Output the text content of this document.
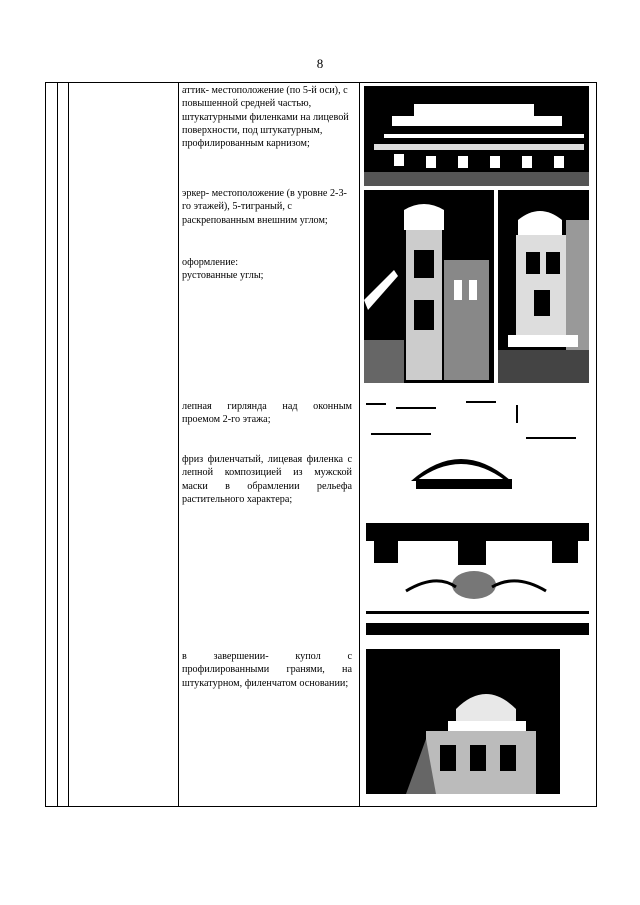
8

аттик- местоположение (по 5-й оси), с повышенной средней частью, штукатурными филенками на лицевой поверхности, под штукатурным, профилированным карнизом;

эркер- местоположение (в уровне 2-3-го этажей), 5-тиграный, с раскрепованным внешним углом;

оформление:

рустованные углы;

лепная гирлянда над оконным проемом 2-го этажа;

фриз филенчатый, лицевая филенка с лепной композицией из мужской маски в обрамлении рельефа растительного характера;

в завершении- купол с профилированными гранями, на штукатурном, филенчатом основании;
